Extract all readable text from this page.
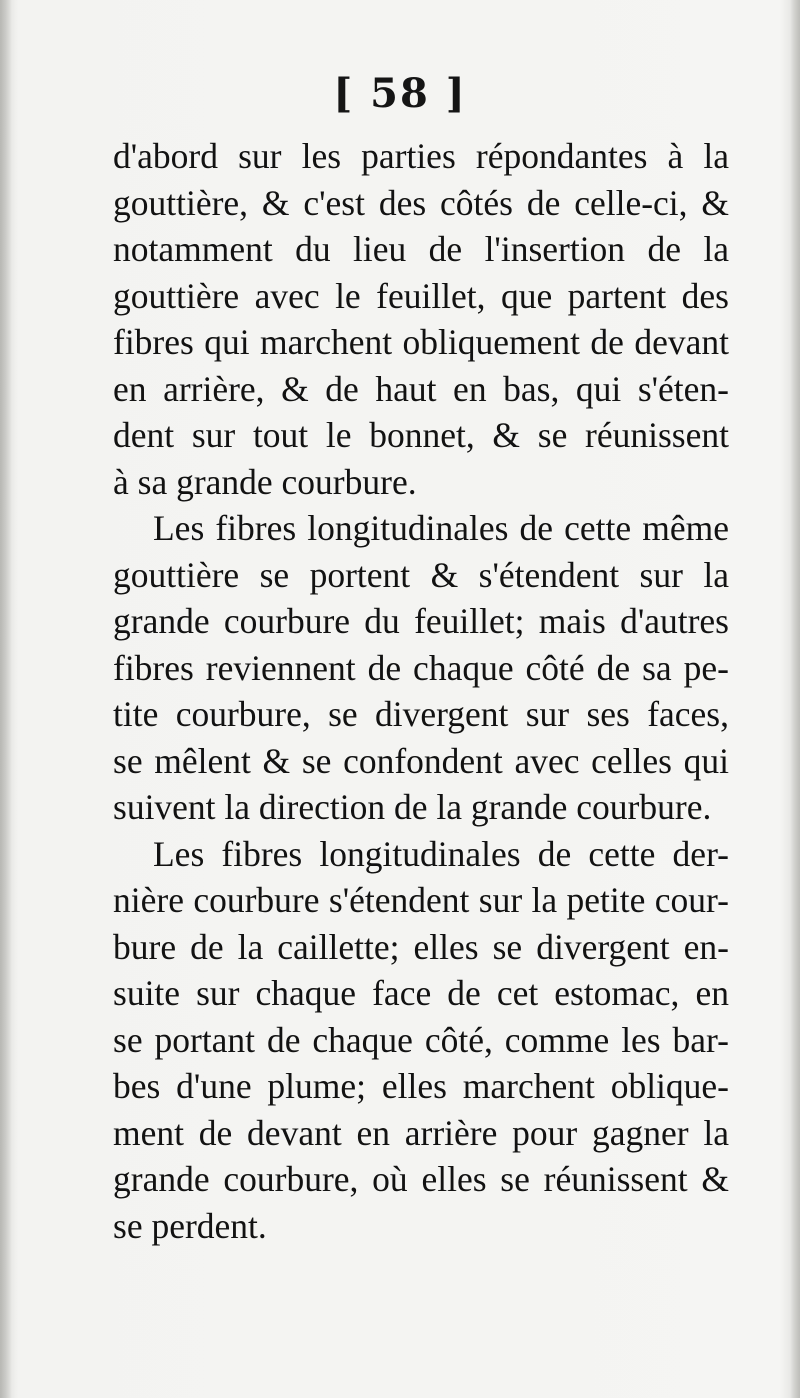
[ 58 ]
d'abord sur les parties répondantes à la
gouttière, & c'est des côtés de celle-ci, &
notamment du lieu de l'insertion de la
gouttière avec le feuillet, que partent des
fibres qui marchent obliquement de devant
en arrière, & de haut en bas, qui s'éten-
dent sur tout le bonnet, & se réunissent
à sa grande courbure.
Les fibres longitudinales de cette même
gouttière se portent & s'étendent sur la
grande courbure du feuillet; mais d'autres
fibres reviennent de chaque côté de sa pe-
tite courbure, se divergent sur ses faces,
se mêlent & se confondent avec celles qui
suivent la direction de la grande courbure.
Les fibres longitudinales de cette der-
nière courbure s'étendent sur la petite cour-
bure de la caillette; elles se divergent en-
suite sur chaque face de cet estomac, en
se portant de chaque côté, comme les bar-
bes d'une plume; elles marchent oblique-
ment de devant en arrière pour gagner la
grande courbure, où elles se réunissent &
se perdent.
